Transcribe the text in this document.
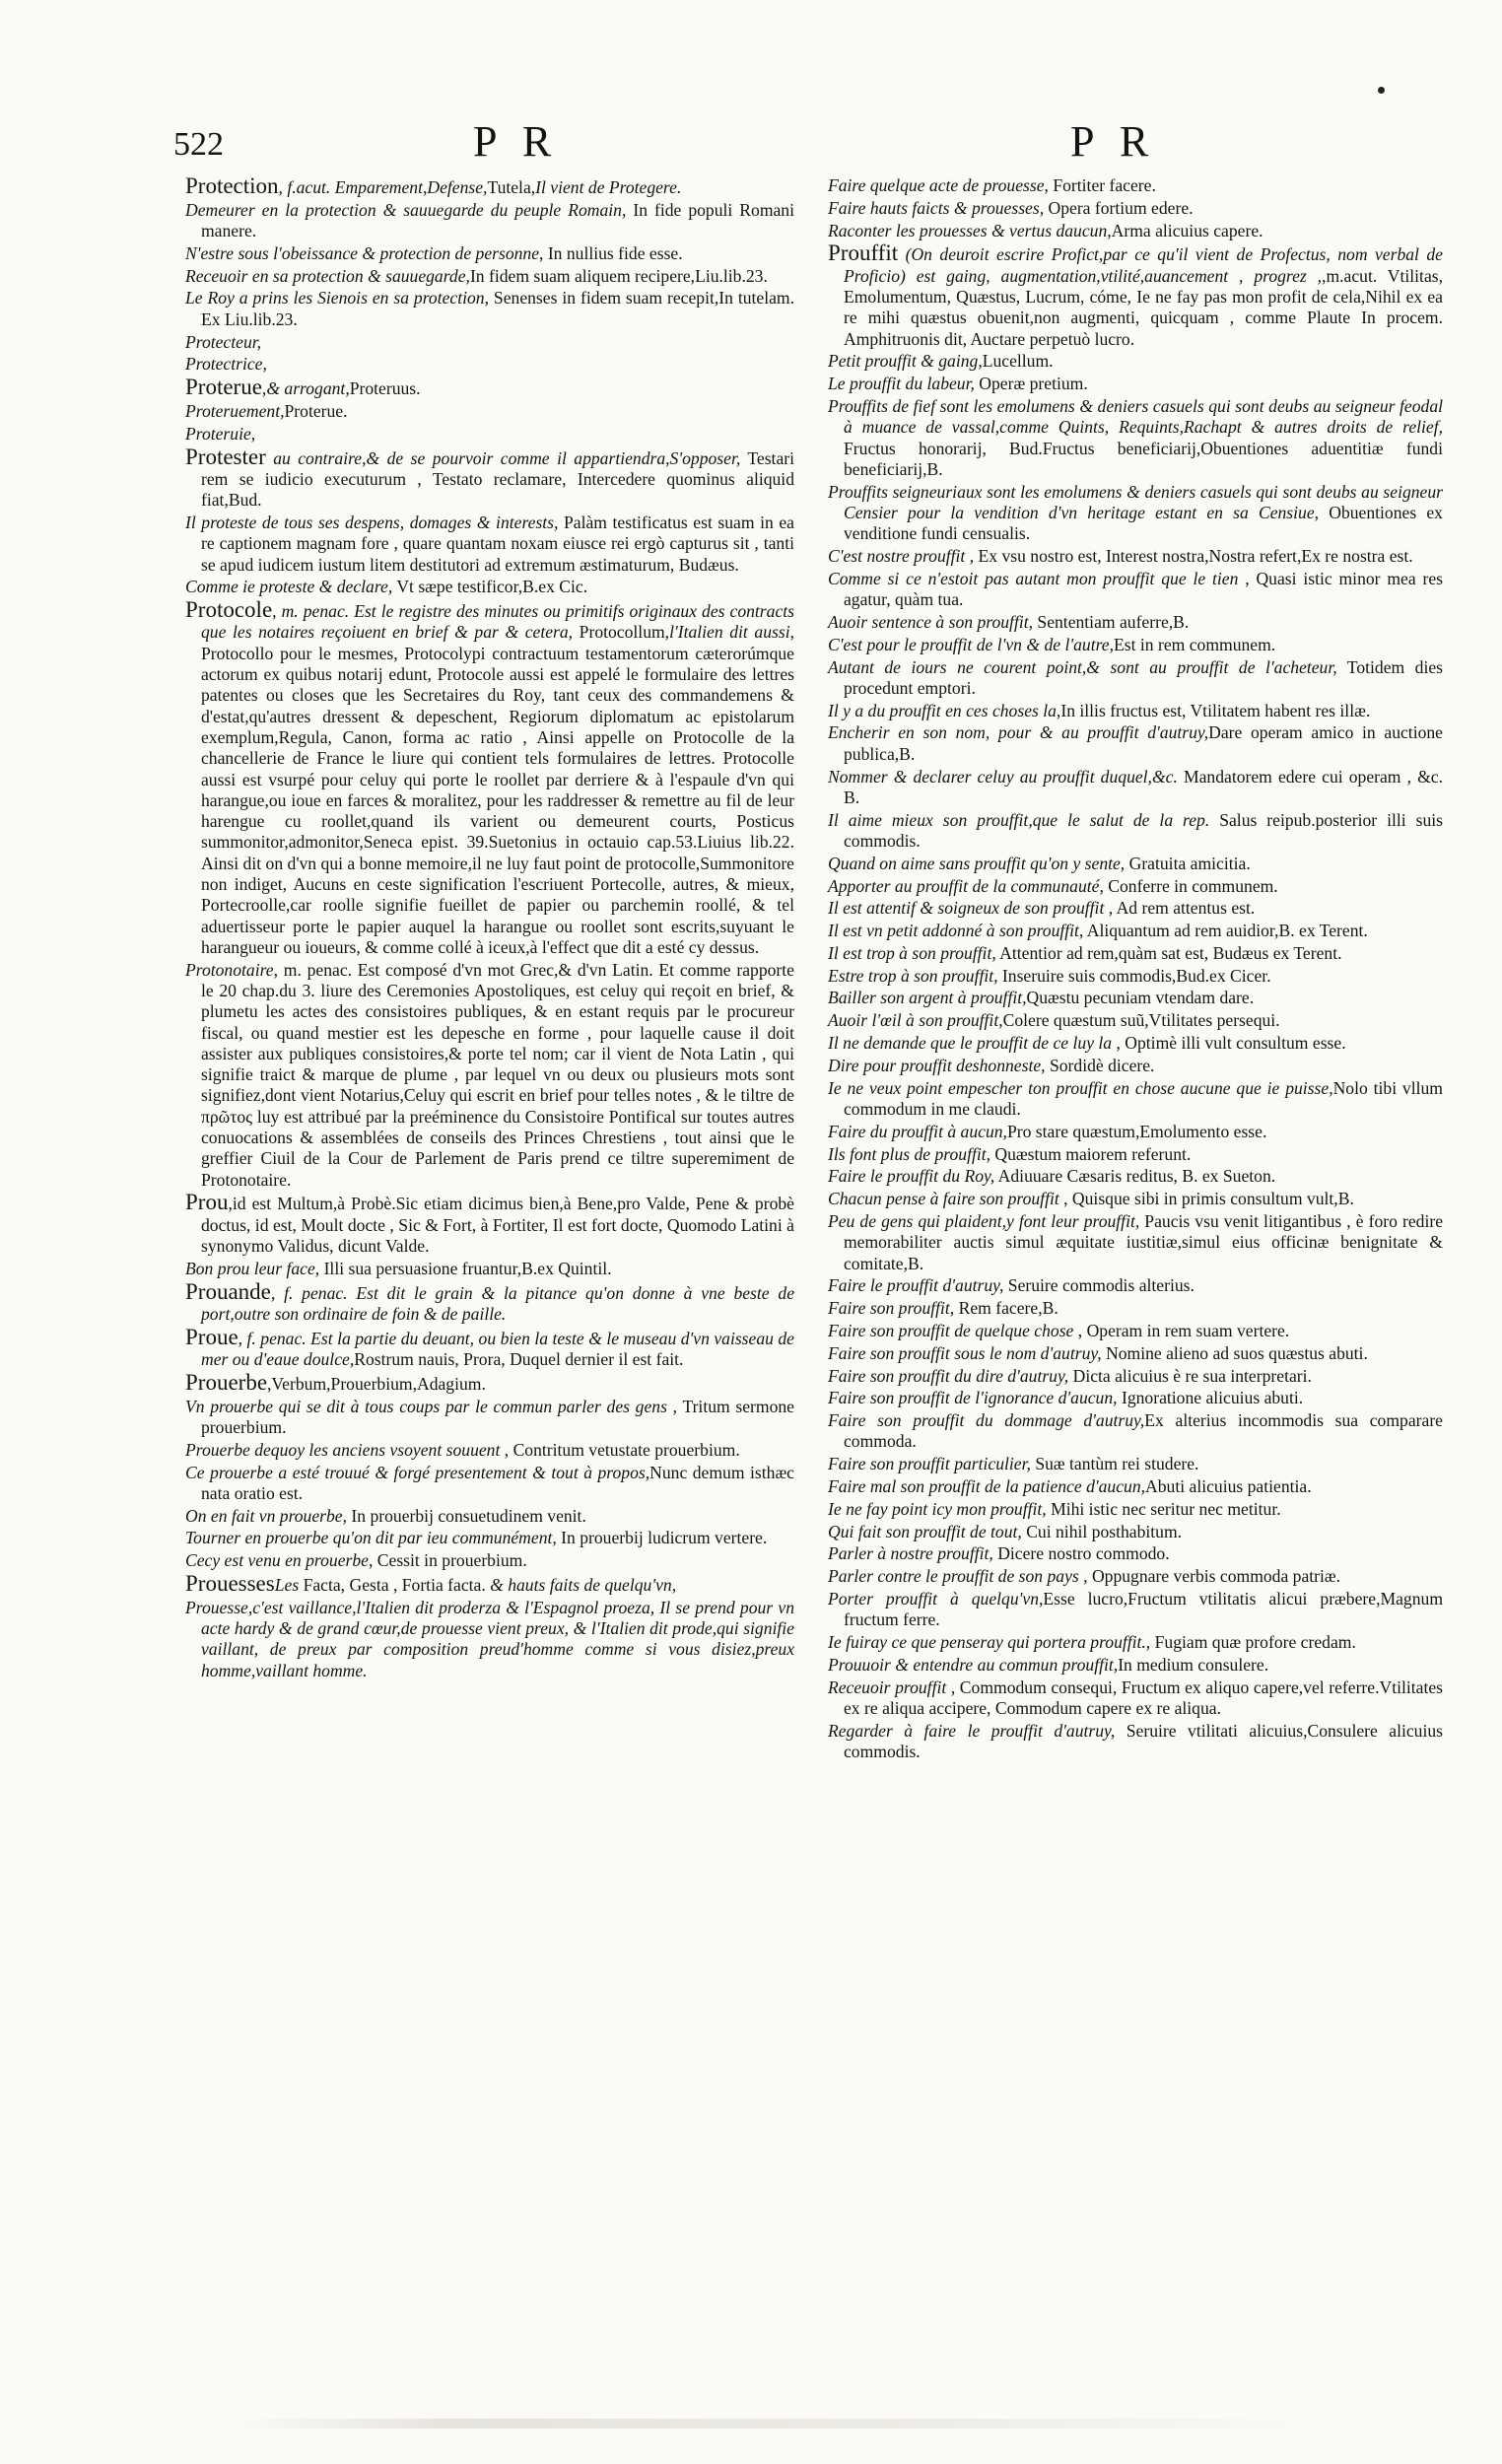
522	P R	P R

Protection, f.acut. Emparement,Defense,Tutela,Il vient de Protegere.

Demeurer en la protection & sauuegarde du peuple Romain, In fide populi Romani manere.

N'estre sous l'obeissance & protection de personne, In nullius fide esse.

Receuoir en sa protection & sauuegarde,In fidem suam aliquem recipere,Liu.lib.23.

Le Roy a prins les Sienois en sa protection, Senenses in fidem suam recepit,In tutelam. Ex Liu.lib.23.

Protecteur,

Protectrice,

Proterue,& arrogant,Proteruus.

Proteruement,Proterue.

Proteruie,

Protester au contraire,& de se pourvoir comme il appartiendra,S'opposer, Testari rem se iudicio executurum , Testato reclamare, Intercedere quominus aliquid fiat,Bud.

Il proteste de tous ses despens, domages & interests, Palàm testificatus est suam in ea re captionem magnam fore , quare quantam noxam eiusce rei ergò capturus sit , tanti se apud iudicem iustum litem destitutori ad extremum æstimaturum, Budæus.

Comme ie proteste & declare, Vt sæpe testificor,B.ex Cic.

Protocole, m. penac. Est le registre des minutes ou primitifs originaux des contracts que les notaires reçoiuent en brief & par & cetera, Protocollum,l'Italien dit aussi, Protocollo pour le mesmes, Protocolypi contractuum testamentorum cæterorúmque actorum ex quibus notarij edunt, Protocole aussi est appelé le formulaire des lettres patentes ou closes que les Secretaires du Roy, tant ceux des commandemens & d'estat,qu'autres dressent & depeschent, Regiorum diplomatum ac epistolarum exemplum,Regula, Canon, forma ac ratio , Ainsi appelle on Protocolle de la chancellerie de France le liure qui contient tels formulaires de lettres. Protocolle aussi est vsurpé pour celuy qui porte le roollet par derriere & à l'espaule d'vn qui harangue,ou ioue en farces & moralitez, pour les raddresser & remettre au fil de leur harengue cu roollet,quand ils varient ou demeurent courts, Posticus summonitor,admonitor,Seneca epist. 39.Suetonius in octauio cap.53.Liuius lib.22. Ainsi dit on d'vn qui a bonne memoire,il ne luy faut point de protocolle,Summonitore non indiget, Aucuns en ceste signification l'escriuent Portecolle, autres, & mieux, Portecroolle,car roolle signifie fueillet de papier ou parchemin roollé, & tel aduertisseur porte le papier auquel la harangue ou roollet sont escrits,suyuant le harangueur ou ioueurs, & comme collé à iceux,à l'effect que dit a esté cy dessus.

Protonotaire, m. penac. Est composé d'vn mot Grec,& d'vn Latin. Et comme rapporte le 20 chap.du 3. liure des Ceremonies Apostoliques, est celuy qui reçoit en brief, & plumetu les actes des consistoires publiques, & en estant requis par le procureur fiscal, ou quand mestier est les depesche en forme , pour laquelle cause il doit assister aux publiques consistoires,& porte tel nom; car il vient de Nota Latin , qui signifie traict & marque de plume , par lequel vn ou deux ou plusieurs mots sont signifiez,dont vient Notarius,Celuy qui escrit en brief pour telles notes , & le tiltre de πρῶτος luy est attribué par la preéminence du Consistoire Pontifical sur toutes autres conuocations & assemblées de conseils des Princes Chrestiens , tout ainsi que le greffier Ciuil de la Cour de Parlement de Paris prend ce tiltre superemiment de Protonotaire.

Prou,id est Multum,à Probè.Sic etiam dicimus bien,à Bene,pro Valde, Pene & probè doctus, id est, Moult docte , Sic & Fort, à Fortiter, Il est fort docte, Quomodo Latini à synonymo Validus, dicunt Valde.

Bon prou leur face, Illi sua persuasione fruantur,B.ex Quintil.

Prouande, f. penac. Est dit le grain & la pitance qu'on donne à vne beste de port,outre son ordinaire de foin & de paille.

Proue, f. penac. Est la partie du deuant, ou bien la teste & le museau d'vn vaisseau de mer ou d'eaue doulce,Rostrum nauis, Prora, Duquel dernier il est fait.

Prouerbe,Verbum,Prouerbium,Adagium.

Vn prouerbe qui se dit à tous coups par le commun parler des gens , Tritum sermone prouerbium.

Prouerbe dequoy les anciens vsoyent souuent , Contritum vetustate prouerbium.

Ce prouerbe a esté trouué & forgé presentement & tout à propos,Nunc demum isthæc nata oratio est.

On en fait vn prouerbe, In prouerbij consuetudinem venit.

Tourner en prouerbe qu'on dit par ieu communément, In prouerbij ludicrum vertere.

Cecy est venu en prouerbe, Cessit in prouerbium.

ProuessesLes Facta, Gesta , Fortia facta. & hauts faits de quelqu'vn,

Prouesse,c'est vaillance,l'Italien dit proderza & l'Espagnol proeza, Il se prend pour vn acte hardy & de grand cœur,de prouesse vient preux, & l'Italien dit prode,qui signifie vaillant, de preux par composition preud'homme comme si vous disiez,preux homme,vaillant homme.

Faire quelque acte de prouesse, Fortiter facere.

Faire hauts faicts & prouesses, Opera fortium edere.

Raconter les prouesses & vertus daucun,Arma alicuius capere.

Prouffit (On deuroit escrire Profict,par ce qu'il vient de Profectus, nom verbal de Proficio) est gaing, augmentation,vtilité,auancement , progrez ,,m.acut. Vtilitas, Emolumentum, Quæstus, Lucrum, cóme, Ie ne fay pas mon profit de cela,Nihil ex ea re mihi quæstus obuenit,non augmenti, quicquam , comme Plaute In procem. Amphitruonis dit, Auctare perpetuò lucro.

Petit prouffit & gaing,Lucellum.

Le prouffit du labeur, Operæ pretium.

Prouffits de fief sont les emolumens & deniers casuels qui sont deubs au seigneur feodal à muance de vassal,comme Quints, Requints,Rachapt & autres droits de relief, Fructus honorarij, Bud.Fructus beneficiarij,Obuentiones aduentitiæ fundi beneficiarij,B.

Prouffits seigneuriaux sont les emolumens & deniers casuels qui sont deubs au seigneur Censier pour la vendition d'vn heritage estant en sa Censiue, Obuentiones ex venditione fundi censualis.

C'est nostre prouffit , Ex vsu nostro est, Interest nostra,Nostra refert,Ex re nostra est.

Comme si ce n'estoit pas autant mon prouffit que le tien , Quasi istic minor mea res agatur, quàm tua.

Auoir sentence à son prouffit, Sententiam auferre,B.

C'est pour le prouffit de l'vn & de l'autre,Est in rem communem.

Autant de iours ne courent point,& sont au prouffit de l'acheteur, Totidem dies procedunt emptori.

Il y a du prouffit en ces choses la,In illis fructus est, Vtilitatem habent res illæ.

Encherir en son nom, pour & au prouffit d'autruy,Dare operam amico in auctione publica,B.

Nommer & declarer celuy au prouffit duquel,&c. Mandatorem edere cui operam , &c. B.

Il aime mieux son prouffit,que le salut de la rep. Salus reipub.posterior illi suis commodis.

Quand on aime sans prouffit qu'on y sente, Gratuita amicitia.

Apporter au prouffit de la communauté, Conferre in communem.

Il est attentif & soigneux de son prouffit , Ad rem attentus est.

Il est vn petit addonné à son prouffit, Aliquantum ad rem auidior,B. ex Terent.

Il est trop à son prouffit, Attentior ad rem,quàm sat est, Budæus ex Terent.

Estre trop à son prouffit, Inseruire suis commodis,Bud.ex Cicer.

Bailler son argent à prouffit,Quæstu pecuniam vtendam dare.

Auoir l'œil à son prouffit,Colere quæstum suũ,Vtilitates persequi.

Il ne demande que le prouffit de ce luy la , Optimè illi vult consultum esse.

Dire pour prouffit deshonneste, Sordidè dicere.

Ie ne veux point empescher ton prouffit en chose aucune que ie puisse,Nolo tibi vllum commodum in me claudi.

Faire du prouffit à aucun,Pro stare quæstum,Emolumento esse.

Ils font plus de prouffit, Quæstum maiorem referunt.

Faire le prouffit du Roy, Adiuuare Cæsaris reditus, B. ex Sueton.

Chacun pense à faire son prouffit , Quisque sibi in primis consultum vult,B.

Peu de gens qui plaident,y font leur prouffit, Paucis vsu venit litigantibus , è foro redire memorabiliter auctis simul æquitate iustitiæ,simul eius officinæ benignitate & comitate,B.

Faire le prouffit d'autruy, Seruire commodis alterius.

Faire son prouffit, Rem facere,B.

Faire son prouffit de quelque chose , Operam in rem suam vertere.

Faire son prouffit sous le nom d'autruy, Nomine alieno ad suos quæstus abuti.

Faire son prouffit du dire d'autruy, Dicta alicuius è re sua interpretari.

Faire son prouffit de l'ignorance d'aucun, Ignoratione alicuius abuti.

Faire son prouffit du dommage d'autruy,Ex alterius incommodis sua comparare commoda.

Faire son prouffit particulier, Suæ tantùm rei studere.

Faire mal son prouffit de la patience d'aucun,Abuti alicuius patientia.

Ie ne fay point icy mon prouffit, Mihi istic nec seritur nec metitur.

Qui fait son prouffit de tout, Cui nihil posthabitum.

Parler à nostre prouffit, Dicere nostro commodo.

Parler contre le prouffit de son pays , Oppugnare verbis commoda patriæ.

Porter prouffit à quelqu'vn,Esse lucro,Fructum vtilitatis alicui præbere,Magnum fructum ferre.

Ie fuiray ce que penseray qui portera prouffit., Fugiam quæ profore credam.

Prouuoir & entendre au commun prouffit,In medium consulere.

Receuoir prouffit , Commodum consequi, Fructum ex aliquo capere,vel referre.Vtilitates ex re aliqua accipere, Commodum capere ex re aliqua.

Regarder à faire le prouffit d'autruy, Seruire vtilitati alicuius,Consulere alicuius commodis.
